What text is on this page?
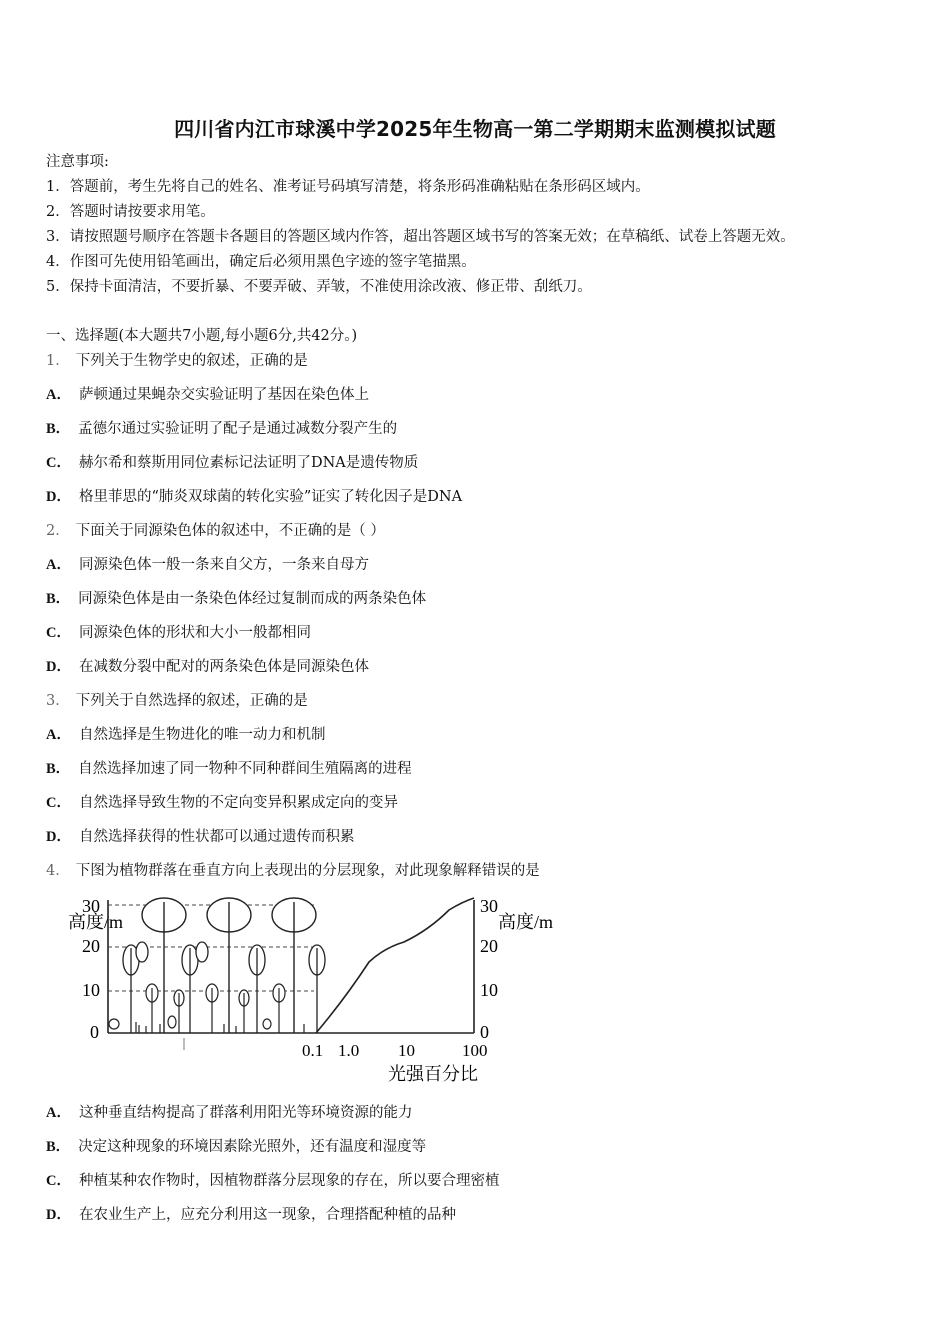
四川省内江市球溪中学2025年生物高一第二学期期末监测模拟试题
注意事项:
1．答题前，考生先将自己的姓名、准考证号码填写清楚，将条形码准确粘贴在条形码区域内。
2．答题时请按要求用笔。
3．请按照题号顺序在答题卡各题目的答题区域内作答，超出答题区域书写的答案无效；在草稿纸、试卷上答题无效。
4．作图可先使用铅笔画出，确定后必须用黑色字迹的签字笔描黑。
5．保持卡面清洁，不要折暴、不要弄破、弄皱，不准使用涂改液、修正带、刮纸刀。
一、选择题(本大题共7小题,每小题6分,共42分。)
1． 下列关于生物学史的叙述，正确的是
A． 萨顿通过果蝇杂交实验证明了基因在染色体上
B． 孟德尔通过实验证明了配子是通过减数分裂产生的
C． 赫尔希和蔡斯用同位素标记法证明了DNA是遗传物质
D． 格里菲思的“肺炎双球菌的转化实验”证实了转化因子是DNA
2． 下面关于同源染色体的叙述中，不正确的是（ ）
A． 同源染色体一般一条来自父方，一条来自母方
B． 同源染色体是由一条染色体经过复制而成的两条染色体
C． 同源染色体的形状和大小一般都相同
D． 在减数分裂中配对的两条染色体是同源染色体
3． 下列关于自然选择的叙述，正确的是
A． 自然选择是生物进化的唯一动力和机制
B． 自然选择加速了同一物种不同种群间生殖隔离的进程
C． 自然选择导致生物的不定向变异积累成定向的变异
D． 自然选择获得的性状都可以通过遗传而积累
4． 下图为植物群落在垂直方向上表现出的分层现象，对此现象解释错误的是
高度/m
30
20
10
0
30
20
10
0
高度/m
0.1 1.0 10	100
光强百分比
A． 这种垂直结构提高了群落利用阳光等环境资源的能力
B． 决定这种现象的环境因素除光照外，还有温度和湿度等
C． 种植某种农作物时，因植物群落分层现象的存在，所以要合理密植
D． 在农业生产上，应充分利用这一现象，合理搭配种植的品种
